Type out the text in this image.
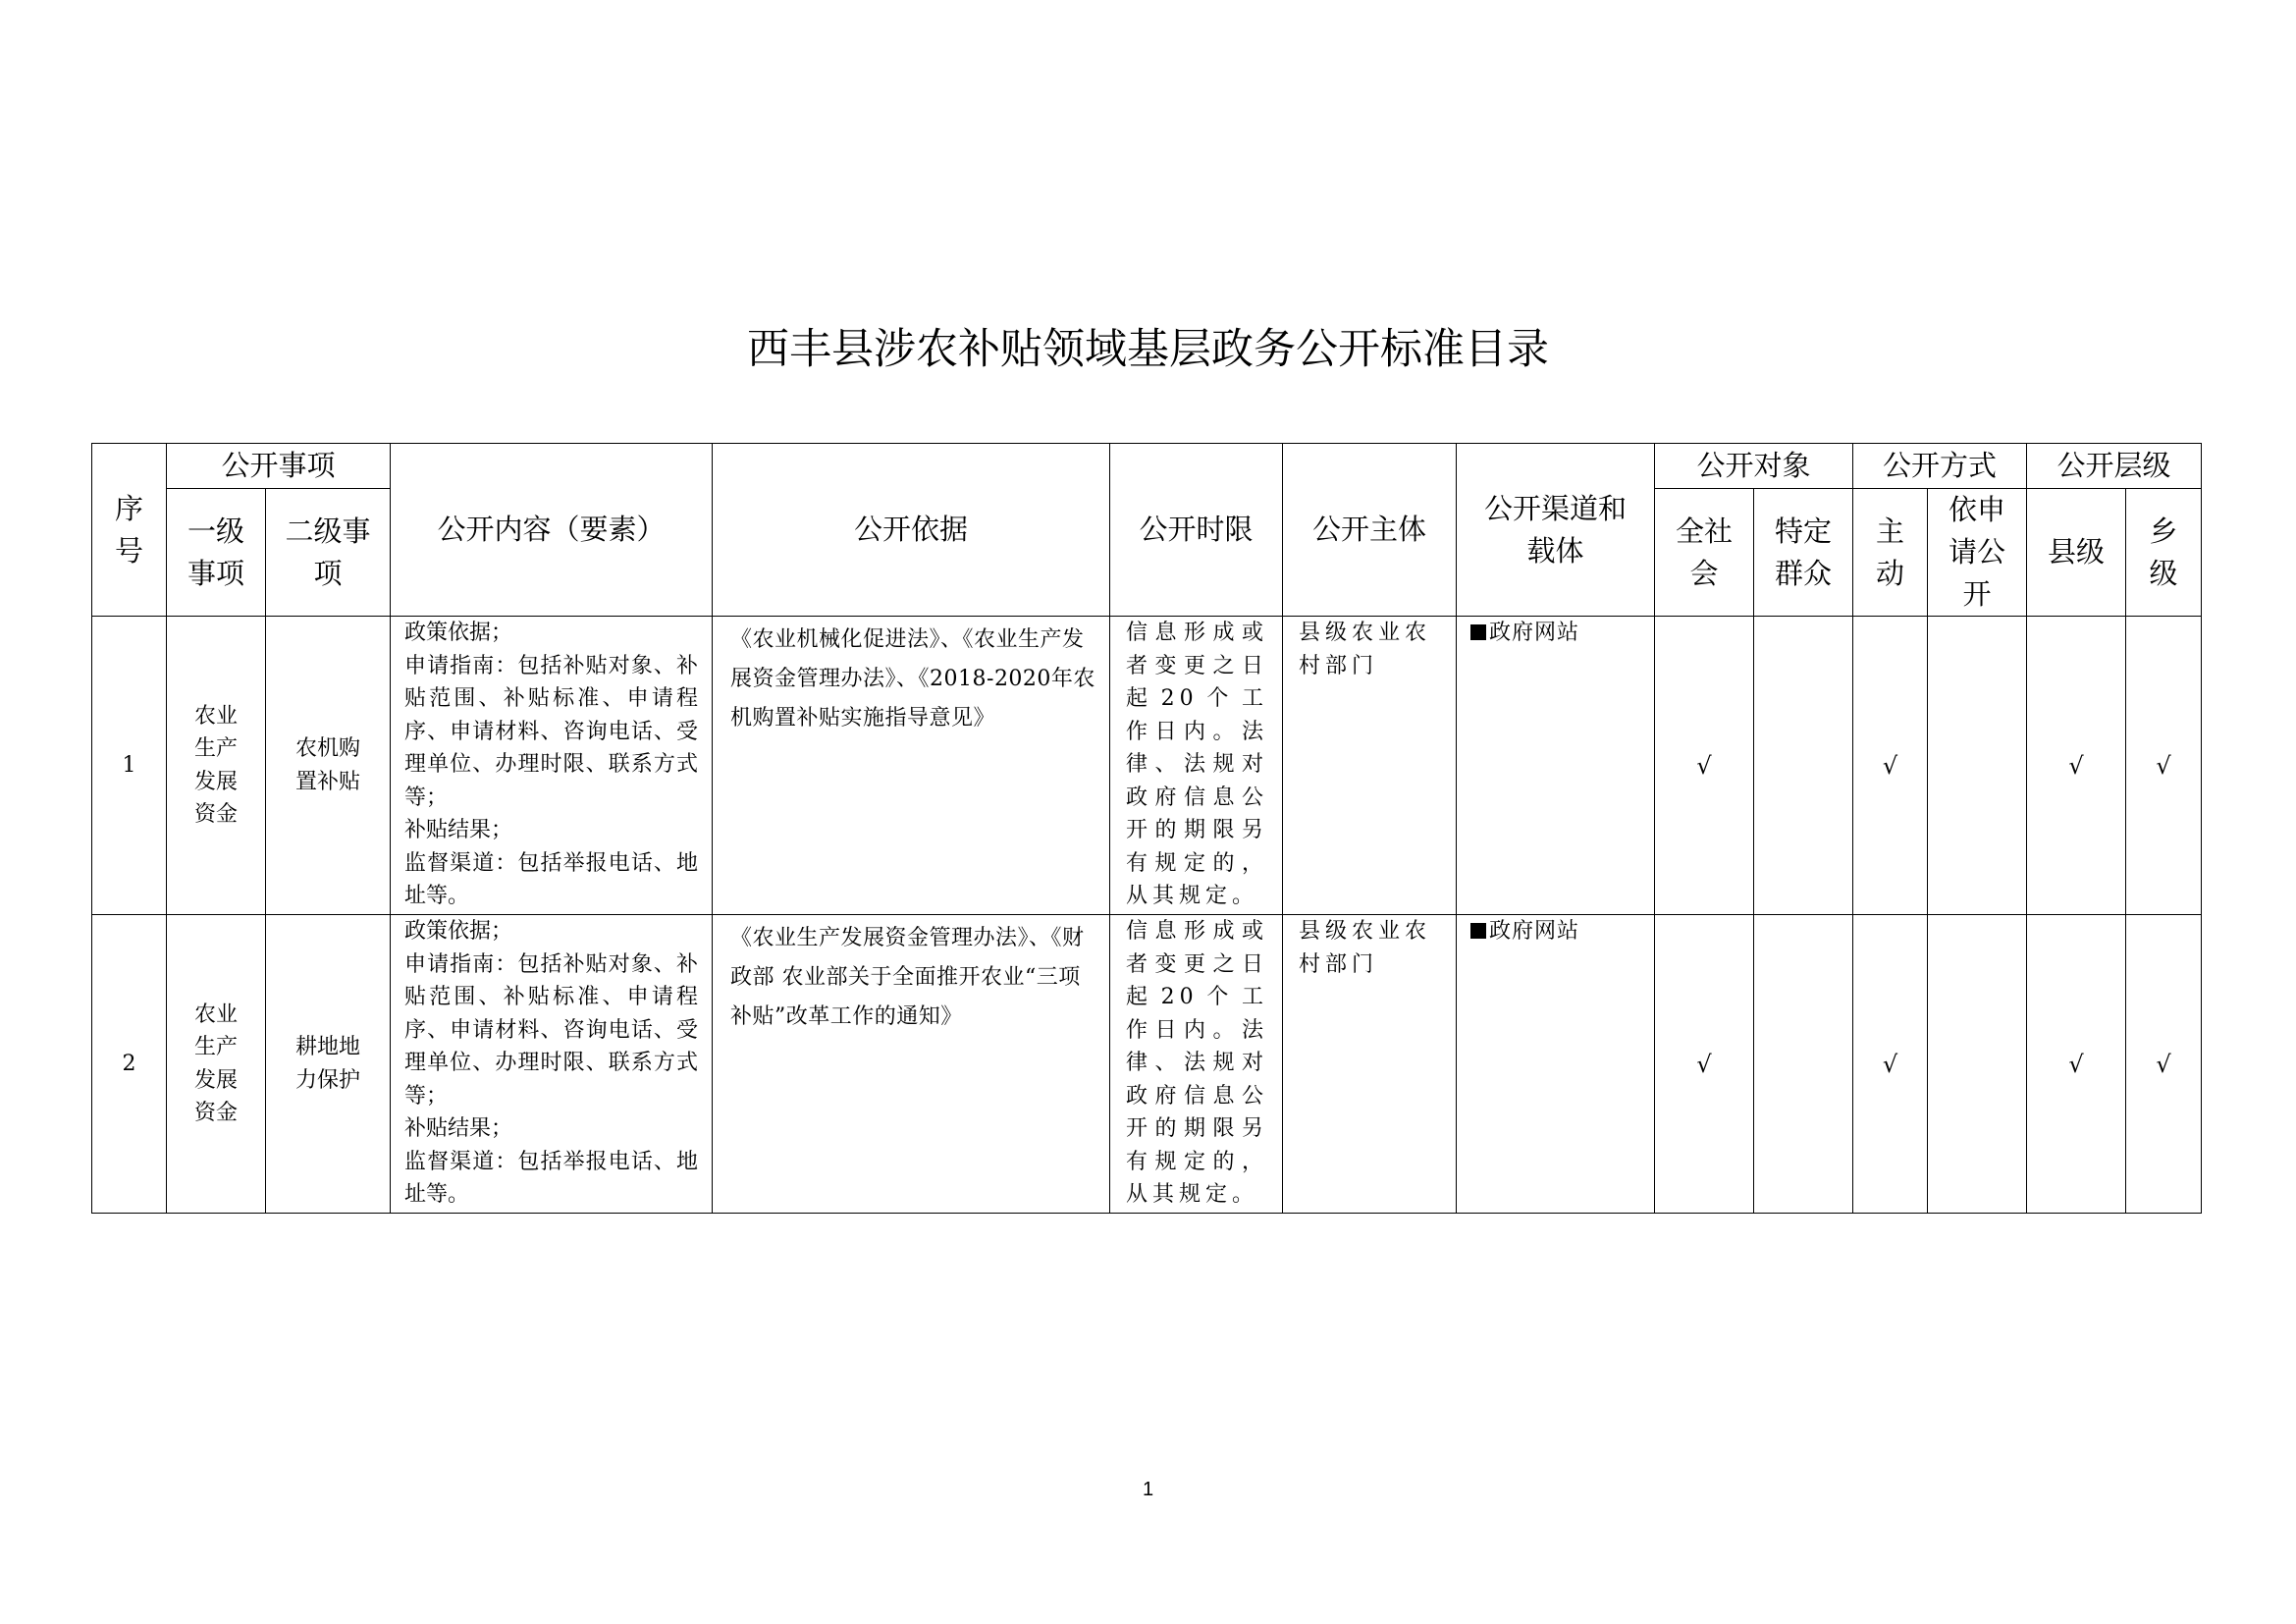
西丰县涉农补贴领域基层政务公开标准目录
序号	公开事项		公开内容（要素）	公开依据	公开时限	公开主体	公开渠道和载体	公开对象		公开方式		公开层级	
	一级事项	二级事项						全社会	特定群众	主动	依申请公开	县级	乡级
1	农业生产发展资金	农机购置补贴	政策依据；
申请指南：包括补贴对象、补贴范围、补贴标准、申请程序、申请材料、咨询电话、受理单位、办理时限、联系方式等；
补贴结果；
监督渠道：包括举报电话、地址等。	《农业机械化促进法》、《农业生产发展资金管理办法》、《2018-2020年农机购置补贴实施指导意见》	信息形成或者变更之日起20个工作日内。法律、法规对政府信息公开的期限另有规定的，从其规定。	县级农业农村部门	政府网站	√		√		√	√
2	农业生产发展资金	耕地地力保护	政策依据；
申请指南：包括补贴对象、补贴范围、补贴标准、申请程序、申请材料、咨询电话、受理单位、办理时限、联系方式等；
补贴结果；
监督渠道：包括举报电话、地址等。	《农业生产发展资金管理办法》、《财政部 农业部关于全面推开农业“三项补贴”改革工作的通知》	信息形成或者变更之日起20个工作日内。法律、法规对政府信息公开的期限另有规定的，从其规定。	县级农业农村部门	政府网站	√		√		√	√
1
